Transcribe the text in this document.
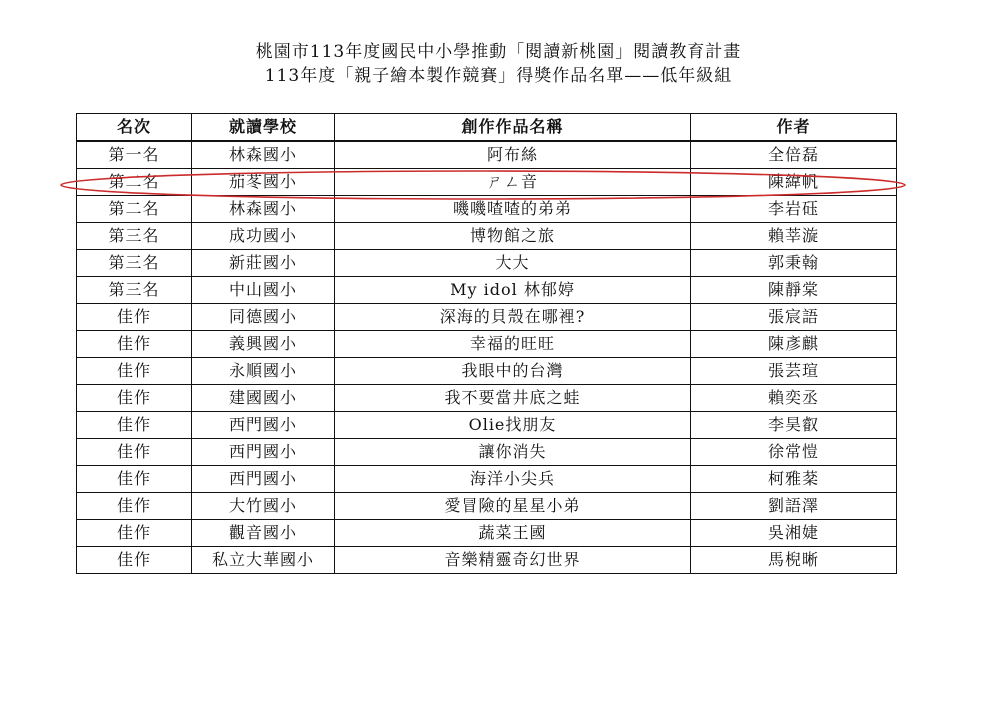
桃園市113年度國民中小學推動「閱讀新桃園」閱讀教育計畫
113年度「親子繪本製作競賽」得獎作品名單——低年級組
名次	就讀學校	創作作品名稱	作者
第一名	林森國小	阿布絲	全倍磊
第二名	茄苳國小	ㄕㄥ音	陳緯帆
第二名	林森國小	嘰嘰喳喳的弟弟	李岩砡
第三名	成功國小	博物館之旅	賴莘漩
第三名	新莊國小	大大	郭秉翰
第三名	中山國小	My idol 林郁婷	陳靜棠
佳作	同德國小	深海的貝殼在哪裡?	張宸語
佳作	義興國小	幸福的旺旺	陳彥麒
佳作	永順國小	我眼中的台灣	張芸瑄
佳作	建國國小	我不要當井底之蛙	賴奕丞
佳作	西門國小	Olie找朋友	李昊叡
佳作	西門國小	讓你消失	徐常愷
佳作	西門國小	海洋小尖兵	柯雅棻
佳作	大竹國小	愛冒險的星星小弟	劉語澤
佳作	觀音國小	蔬菜王國	吳湘婕
佳作	私立大華國小	音樂精靈奇幻世界	馬棿晰
